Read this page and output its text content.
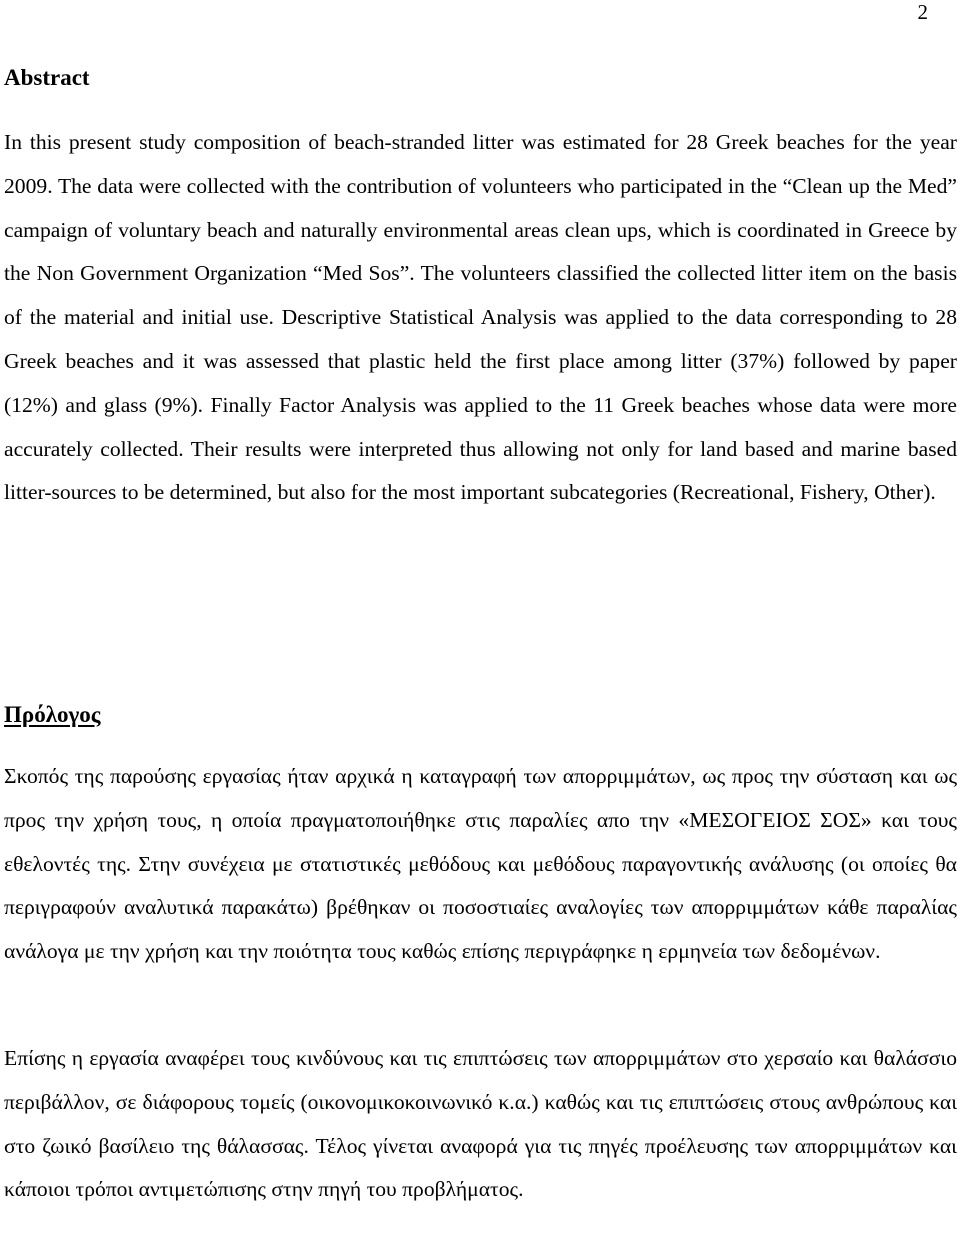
2
Abstract

In this present study composition of beach-stranded litter was estimated for 28 Greek beaches for the year 2009. The data were collected with the contribution of volunteers who participated in the “Clean up the Med” campaign of voluntary beach and naturally environmental areas clean ups, which is coordinated in Greece by the Non Government Organization “Med Sos”. The volunteers classified the collected litter item on the basis of the material and initial use. Descriptive Statistical Analysis was applied to the data corresponding to 28 Greek beaches and it was assessed that plastic held the first place among litter (37%) followed by paper (12%) and glass (9%). Finally Factor Analysis was applied to the 11 Greek beaches whose data were more accurately collected. Their results were interpreted thus allowing not only for land based and marine based litter-sources to be determined, but also for the most important subcategories (Recreational, Fishery, Other).

Πρόλογος

Σκοπός της παρούσης εργασίας ήταν αρχικά η καταγραφή των απορριμμάτων, ως προς την σύσταση και ως προς την χρήση τους, η οποία πραγματοποιήθηκε στις παραλίες απο την «ΜΕΣΟΓΕΙΟΣ ΣΟΣ» και τους εθελοντές της. Στην συνέχεια με στατιστικές μεθόδους και μεθόδους παραγοντικής ανάλυσης (οι οποίες θα περιγραφούν αναλυτικά παρακάτω) βρέθηκαν οι ποσοστιαίες αναλογίες των απορριμμάτων κάθε παραλίας ανάλογα με την χρήση και την ποιότητα τους καθώς επίσης περιγράφηκε η ερμηνεία των δεδομένων.

Επίσης η εργασία αναφέρει τους κινδύνους και τις επιπτώσεις των απορριμμάτων στο χερσαίο και θαλάσσιο περιβάλλον, σε διάφορους τομείς (οικονομικοκοινωνικό κ.α.) καθώς και τις επιπτώσεις στους ανθρώπους και στο ζωικό βασίλειο της θάλασσας. Τέλος γίνεται αναφορά για τις πηγές προέλευσης των απορριμμάτων και κάποιοι τρόποι αντιμετώπισης στην πηγή του προβλήματος.
